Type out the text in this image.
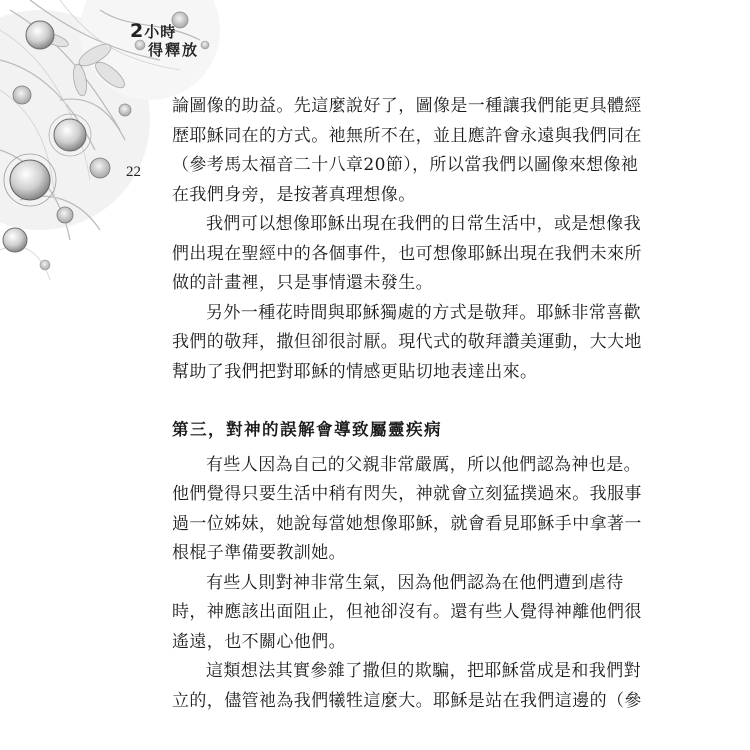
2小時
得釋放
22

論圖像的助益。先這麼說好了，圖像是一種讓我們能更具體經
歷耶穌同在的方式。祂無所不在，並且應許會永遠與我們同在
（參考馬太福音二十八章20節），所以當我們以圖像來想像祂
在我們身旁，是按著真理想像。

我們可以想像耶穌出現在我們的日常生活中，或是想像我
們出現在聖經中的各個事件，也可想像耶穌出現在我們未來所
做的計畫裡，只是事情還未發生。

另外一種花時間與耶穌獨處的方式是敬拜。耶穌非常喜歡
我們的敬拜，撒但卻很討厭。現代式的敬拜讚美運動，大大地
幫助了我們把對耶穌的情感更貼切地表達出來。

第三，對神的誤解會導致屬靈疾病

有些人因為自己的父親非常嚴厲，所以他們認為神也是。
他們覺得只要生活中稍有閃失，神就會立刻猛撲過來。我服事
過一位姊妹，她說每當她想像耶穌，就會看見耶穌手中拿著一
根棍子準備要教訓她。

有些人則對神非常生氣，因為他們認為在他們遭到虐待
時，神應該出面阻止，但祂卻沒有。還有些人覺得神離他們很
遙遠，也不關心他們。

這類想法其實參雜了撒但的欺騙，把耶穌當成是和我們對
立的，儘管祂為我們犧牲這麼大。耶穌是站在我們這邊的（參
